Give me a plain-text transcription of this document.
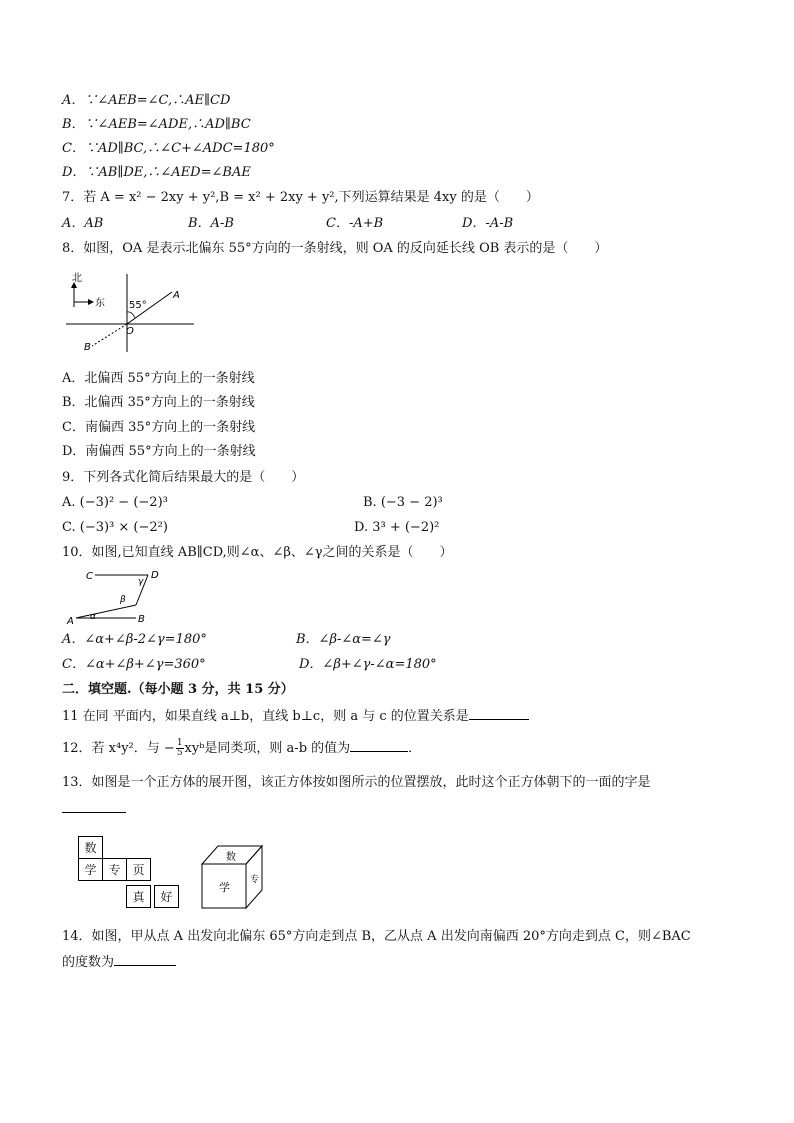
A．∵∠AEB=∠C,∴AE∥CD
B．∵∠AEB=∠ADE,∴AD∥BC
C．∵AD∥BC,∴∠C+∠ADC=180°
D．∵AB∥DE,∴∠AED=∠BAE
7．若 A = x² − 2xy + y²,B = x² + 2xy + y²,下列运算结果是 4xy 的是（　　）
A．AB	B．A-B	C．-A+B	D．-A-B
8．如图，OA 是表示北偏东 55°方向的一条射线，则 OA 的反向延长线 OB 表示的是（　　）
北
东 55°
A
O
B
A．北偏西 55°方向上的一条射线
B．北偏西 35°方向上的一条射线
C．南偏西 35°方向上的一条射线
D．南偏西 55°方向上的一条射线
9．下列各式化简后结果最大的是（　　）
A. (−3)² − (−2)³	B. (−3 − 2)³
C. (−3)³ × (−2²)	D. 3³ + (−2)²
10．如图,已知直线 AB∥CD,则∠α、∠β、∠γ之间的关系是（　　）
C	D
A	B
γ
β
α
A．∠α+∠β-2∠γ=180°	B．∠β-∠α=∠γ
C．∠α+∠β+∠γ=360°	D．∠β+∠γ-∠α=180°
二．填空题.（每小题 3 分，共 15 分）
11 在同 平面内，如果直线 a⊥b，直线 b⊥c，则 a 与 c 的位置关系是
12．若 x⁴y²．与 − $\frac{1}{5}$ xyᵇ是同类项，则 a-b 的值为	．
13．如图是一个正方体的展开图，该正方体按如图所示的位置摆放，此时这个正方体朝下的一面的字是
数
学 专 页
真	好
数
学
专
14．如图，甲从点 A 出发向北偏东 65°方向走到点 B，乙从点 A 出发向南偏西 20°方向走到点 C，则∠BAC
的度数为
